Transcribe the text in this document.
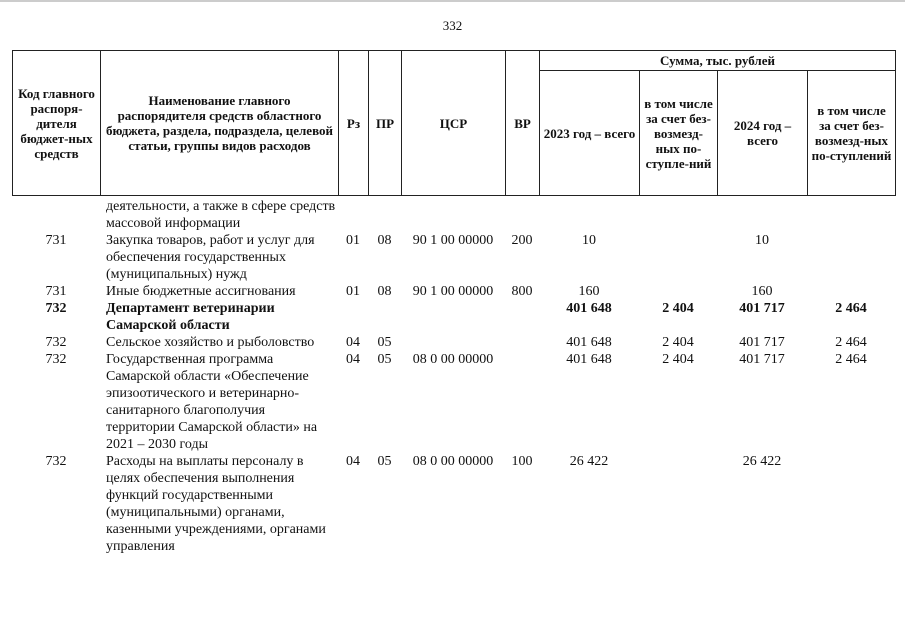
332
Код главного распоря-дителя бюджет-ных средств	Наименование главного распорядителя средств областного бюджета, раздела, подраздела, целевой статьи, группы видов расходов	Рз	ПР	ЦСР	ВР	Сумма, тыс. рублей			
						2023 год – всего	в том числе за счет без-возмезд-ных по-ступле-ний	2024 год – всего	в том числе за счет без-возмезд-ных по-ступлений
	деятельности, а также в сфере средств массовой информации								
731	Закупка товаров, работ и услуг для обеспечения государственных (муниципальных) нужд	01	08	90 1 00 00000	200	10		10	
731	Иные бюджетные ассигнования	01	08	90 1 00 00000	800	160		160	
732	Департамент ветеринарии Самарской области					401 648	2 404	401 717	2 464
732	Сельское хозяйство и рыболовство	04	05			401 648	2 404	401 717	2 464
732	Государственная программа Самарской области «Обеспечение эпизоотического и ветеринарно-санитарного благополучия территории Самарской области» на 2021 – 2030 годы	04	05	08 0 00 00000		401 648	2 404	401 717	2 464
732	Расходы на выплаты персоналу в целях обеспечения выполнения функций государственными (муниципальными) органами, казенными учреждениями, органами управления	04	05	08 0 00 00000	100	26 422		26 422	
